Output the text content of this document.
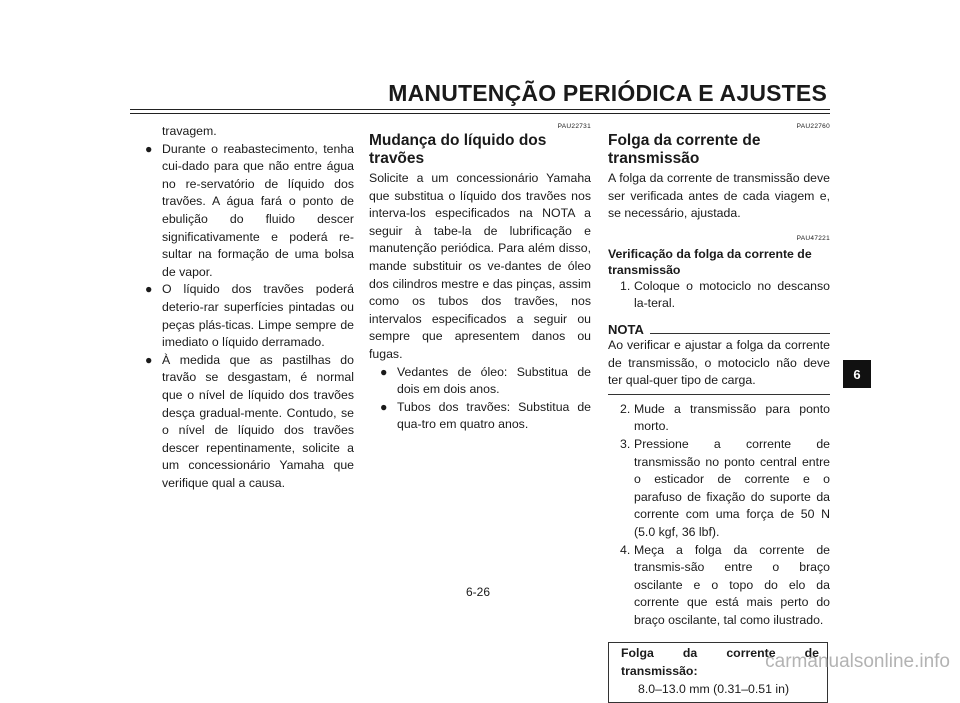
MANUTENÇÃO PERIÓDICA E AJUSTES
travagem.
● Durante o reabastecimento, tenha cui-dado para que não entre água no re-servatório de líquido dos travões. A água fará o ponto de ebulição do fluido descer significativamente e poderá re-sultar na formação de uma bolsa de vapor.
● O líquido dos travões poderá deterio-rar superfícies pintadas ou peças plás-ticas. Limpe sempre de imediato o líquido derramado.
● À medida que as pastilhas do travão se desgastam, é normal que o nível de líquido dos travões desça gradual-mente. Contudo, se o nível de líquido dos travões descer repentinamente, solicite a um concessionário Yamaha que verifique qual a causa.
PAU22731
Mudança do líquido dos travões
Solicite a um concessionário Yamaha que substitua o líquido dos travões nos interva-los especificados na NOTA a seguir à tabe-la de lubrificação e manutenção periódica. Para além disso, mande substituir os ve-dantes de óleo dos cilindros mestre e das pinças, assim como os tubos dos travões, nos intervalos especificados a seguir ou sempre que apresentem danos ou fugas.
● Vedantes de óleo: Substitua de dois em dois anos.
● Tubos dos travões: Substitua de qua-tro em quatro anos.
PAU22760
Folga da corrente de transmissão
A folga da corrente de transmissão deve ser verificada antes de cada viagem e, se necessário, ajustada.
PAU47221
Verificação da folga da corrente de transmissão
1. Coloque o motociclo no descanso la-teral.
NOTA
Ao verificar e ajustar a folga da corrente de transmissão, o motociclo não deve ter qual-quer tipo de carga.
2. Mude a transmissão para ponto morto.
3. Pressione a corrente de transmissão no ponto central entre o esticador de corrente e o parafuso de fixação do suporte da corrente com uma força de 50 N (5.0 kgf, 36 lbf).
4. Meça a folga da corrente de transmis-são entre o braço oscilante e o topo do elo da corrente que está mais perto do braço oscilante, tal como ilustrado.
Folga da corrente de transmissão:
8.0–13.0 mm (0.31–0.51 in)
6-26
6
carmanualsonline.info
